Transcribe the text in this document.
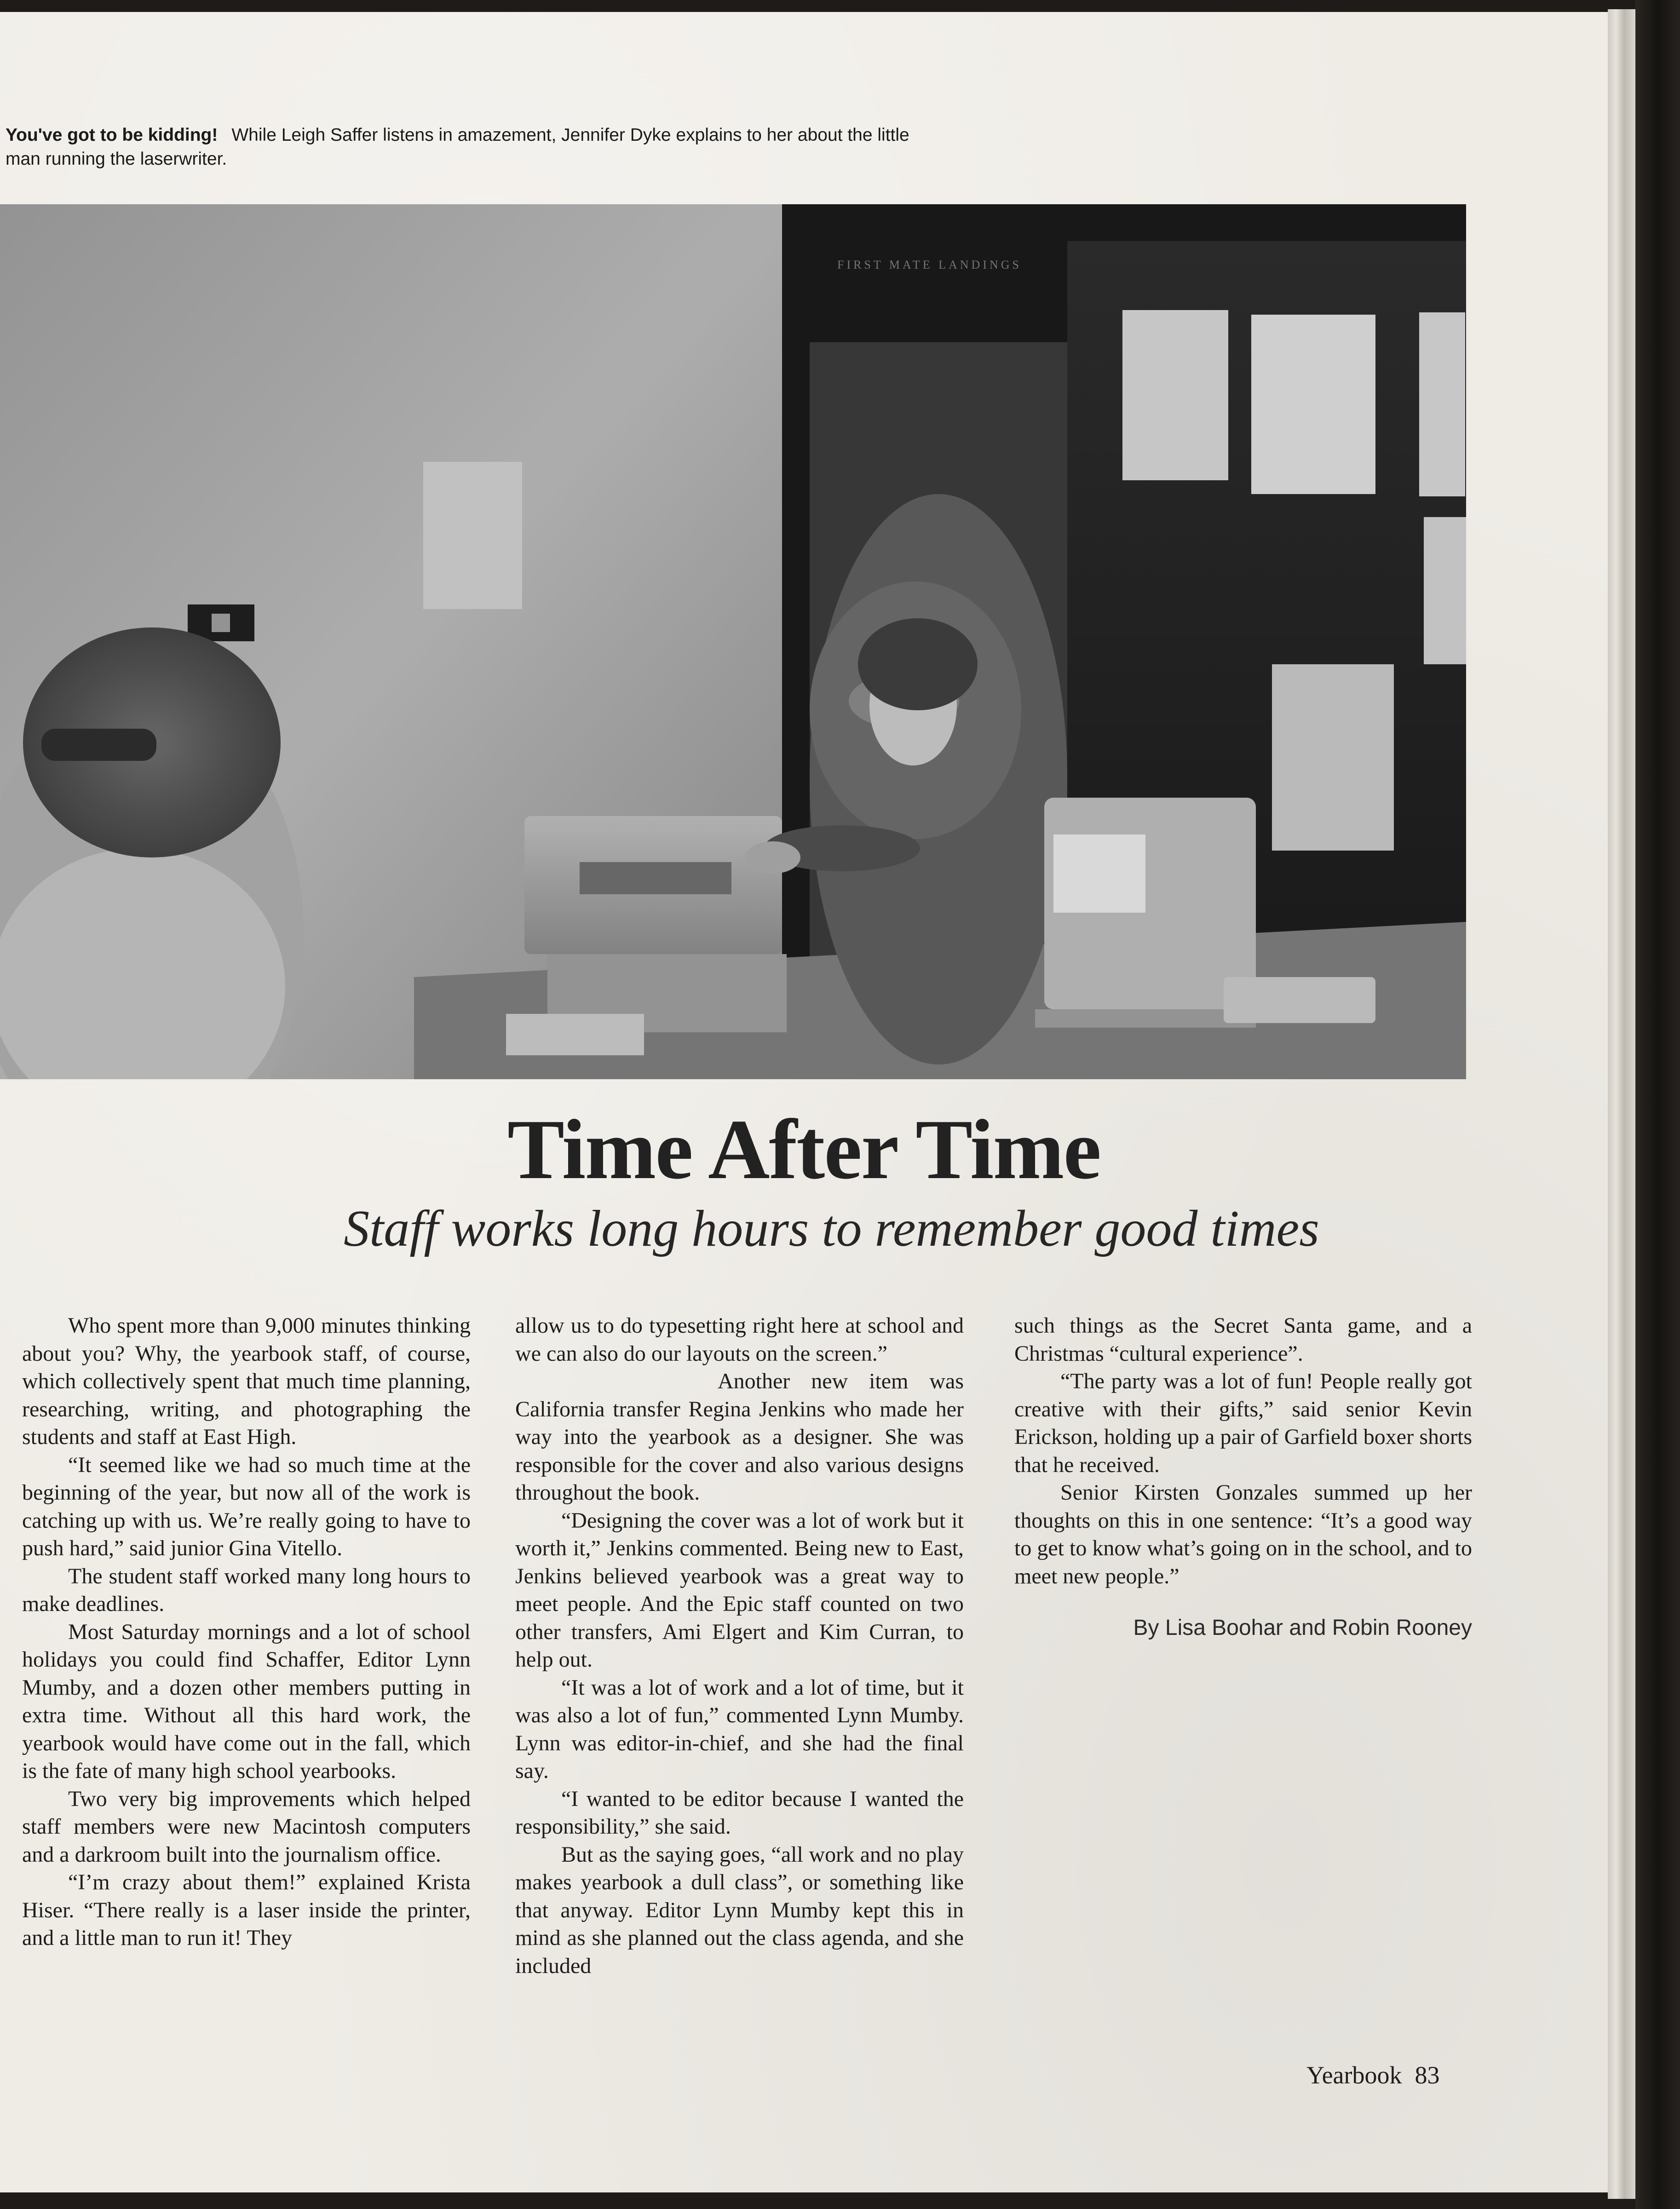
You've got to be kidding! While Leigh Saffer listens in amazement, Jennifer Dyke explains to her about the little man running the laserwriter.
FIRST MATE LANDINGS
Time After Time
Staff works long hours to remember good times

Who spent more than 9,000 minutes thinking about you? Why, the yearbook staff, of course, which collectively spent that much time planning, researching, writing, and photographing the students and staff at East High.

“It seemed like we had so much time at the beginning of the year, but now all of the work is catching up with us. We’re really going to have to push hard,” said junior Gina Vitello.

The student staff worked many long hours to make deadlines.

Most Saturday mornings and a lot of school holidays you could find Schaffer, Editor Lynn Mumby, and a dozen other members putting in extra time. Without all this hard work, the yearbook would have come out in the fall, which is the fate of many high school yearbooks.

Two very big improvements which helped staff members were new Macintosh computers and a darkroom built into the journalism office.

“I’m crazy about them!” explained Krista Hiser. “There really is a laser inside the printer, and a little man to run it! They

allow us to do typesetting right here at school and we can also do our layouts on the screen.”

Another new item was California transfer Regina Jenkins who made her way into the yearbook as a designer. She was responsible for the cover and also various designs throughout the book.

“Designing the cover was a lot of work but it worth it,” Jenkins commented. Being new to East, Jenkins believed yearbook was a great way to meet people. And the Epic staff counted on two other transfers, Ami Elgert and Kim Curran, to help out.

“It was a lot of work and a lot of time, but it was also a lot of fun,” commented Lynn Mumby. Lynn was editor-in-chief, and she had the final say.

“I wanted to be editor because I wanted the responsibility,” she said.

But as the saying goes, “all work and no play makes yearbook a dull class”, or something like that anyway. Editor Lynn Mumby kept this in mind as she planned out the class agenda, and she included

such things as the Secret Santa game, and a Christmas “cultural experience”.

“The party was a lot of fun! People really got creative with their gifts,” said senior Kevin Erickson, holding up a pair of Garfield boxer shorts that he received.

Senior Kirsten Gonzales summed up her thoughts on this in one sentence: “It’s a good way to get to know what’s going on in the school, and to meet new people.”

By Lisa Boohar and Robin Rooney
Yearbook 83
